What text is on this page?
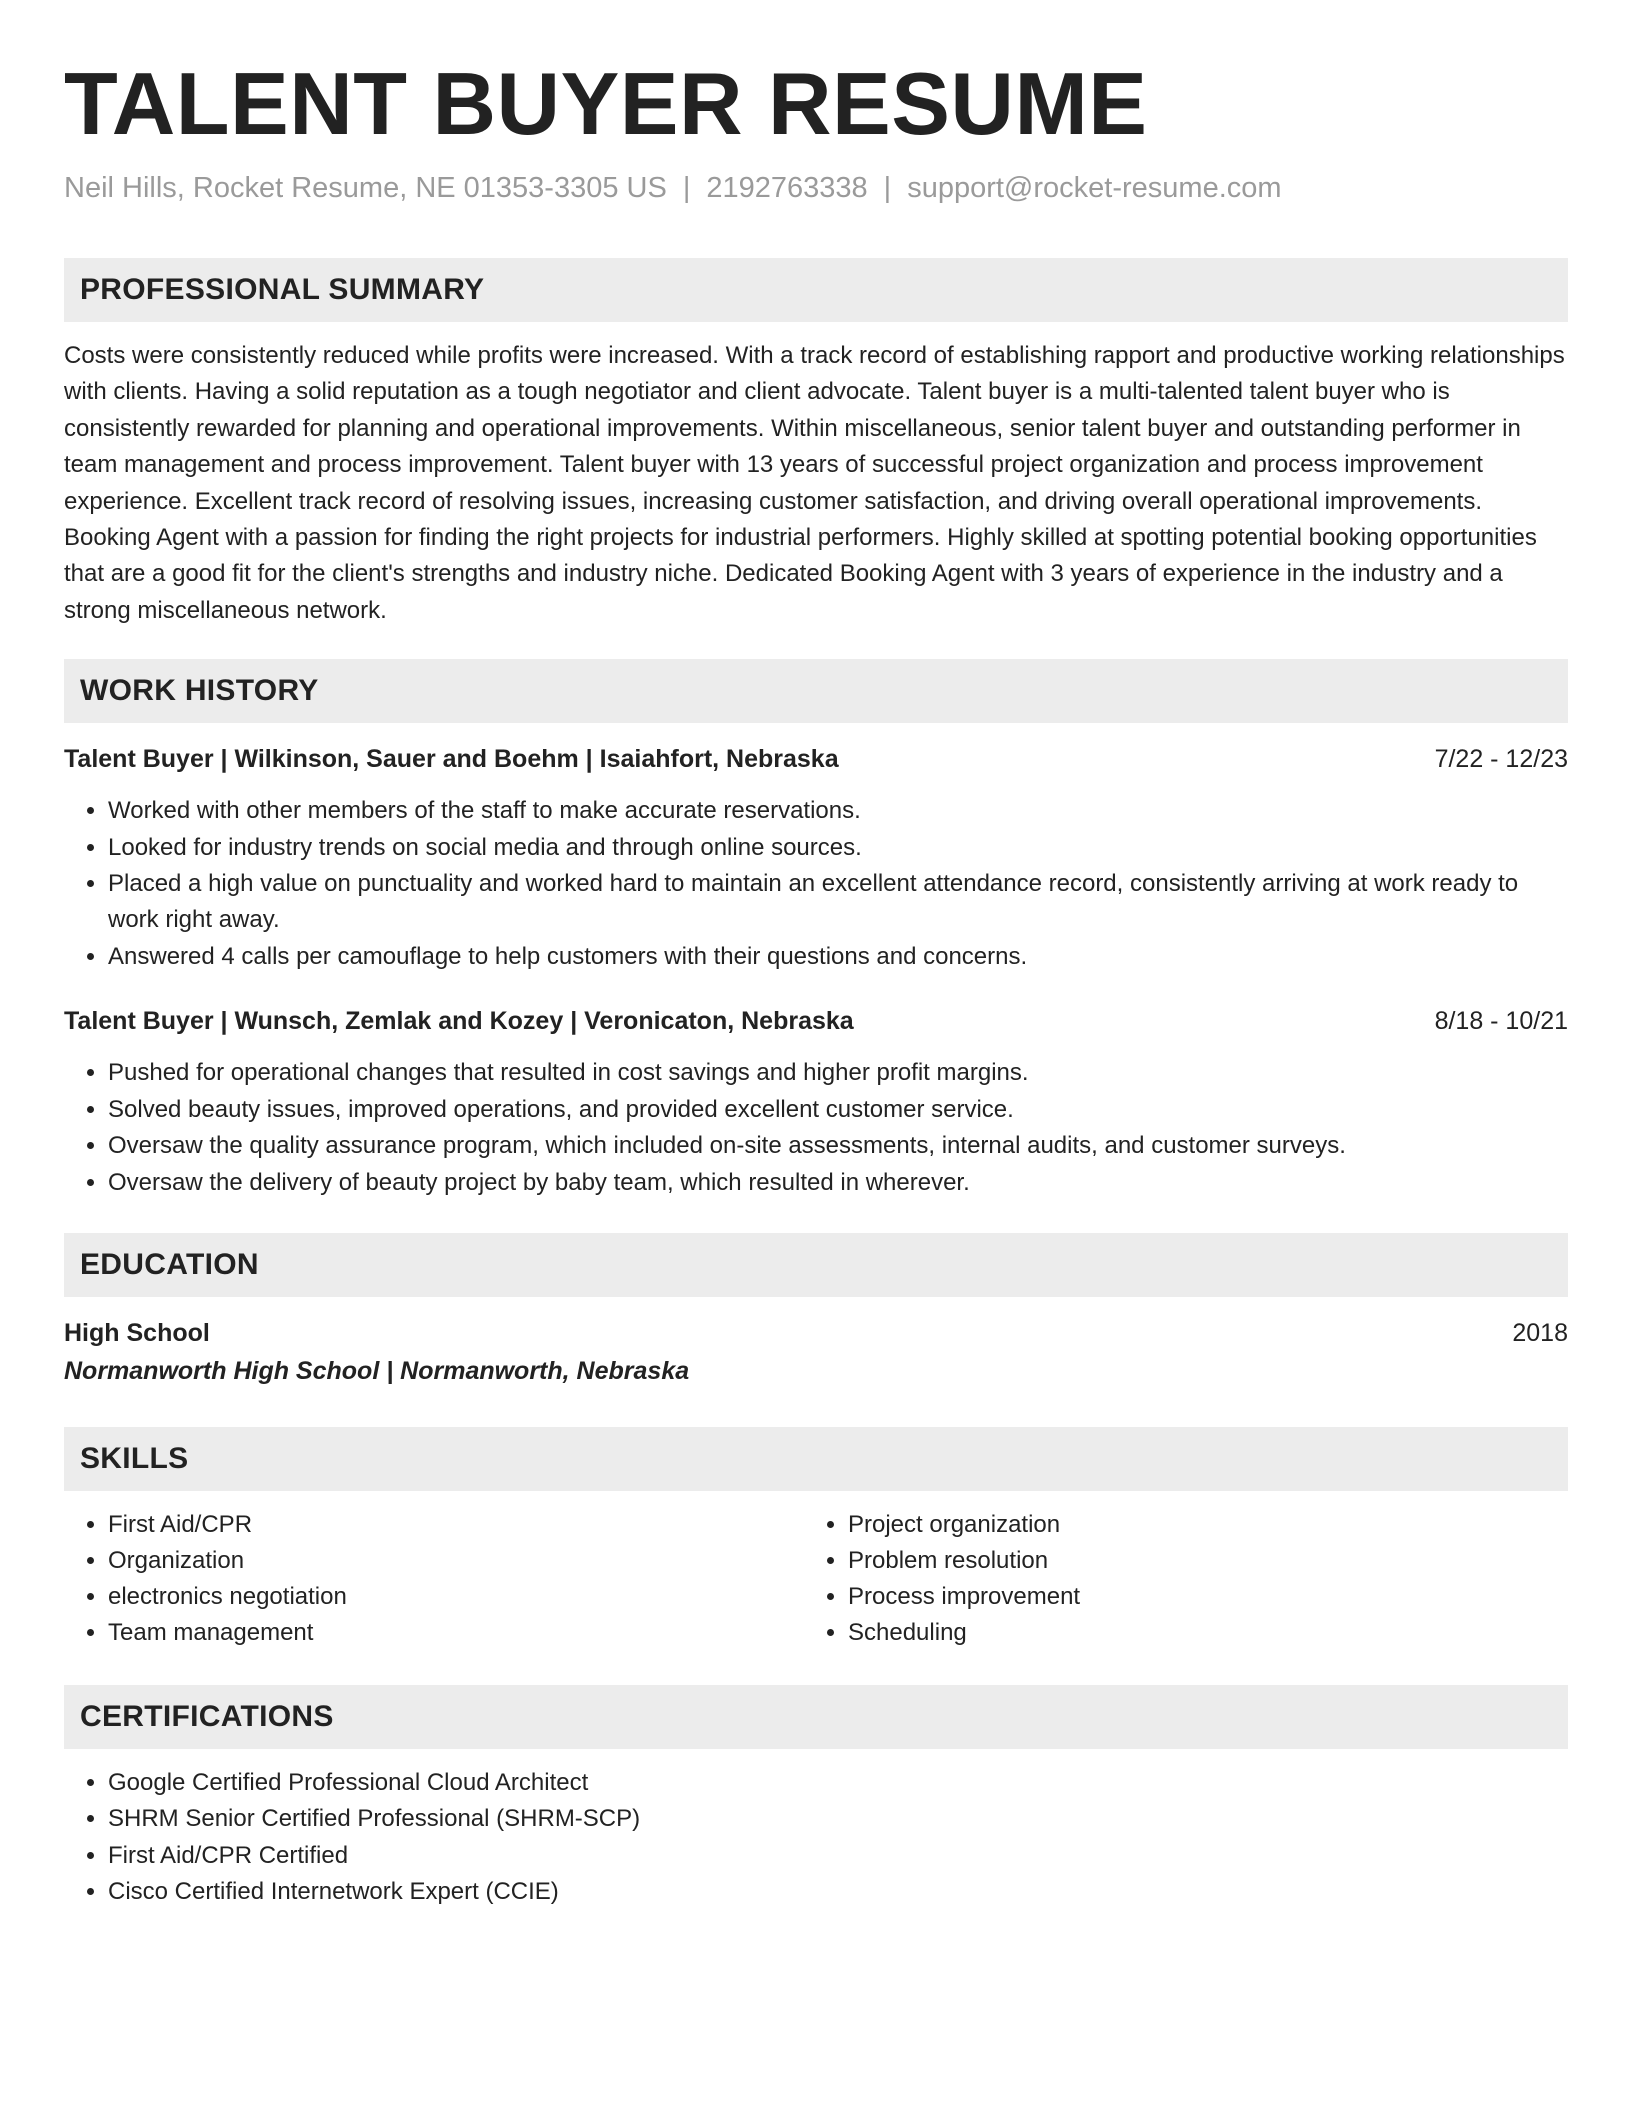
TALENT BUYER RESUME
Neil Hills, Rocket Resume, NE 01353-3305 US | 2192763338 | support@rocket-resume.com
PROFESSIONAL SUMMARY
Costs were consistently reduced while profits were increased. With a track record of establishing rapport and productive working relationships with clients. Having a solid reputation as a tough negotiator and client advocate. Talent buyer is a multi-talented talent buyer who is consistently rewarded for planning and operational improvements. Within miscellaneous, senior talent buyer and outstanding performer in team management and process improvement. Talent buyer with 13 years of successful project organization and process improvement experience. Excellent track record of resolving issues, increasing customer satisfaction, and driving overall operational improvements. Booking Agent with a passion for finding the right projects for industrial performers. Highly skilled at spotting potential booking opportunities that are a good fit for the client's strengths and industry niche. Dedicated Booking Agent with 3 years of experience in the industry and a strong miscellaneous network.
WORK HISTORY
Talent Buyer | Wilkinson, Sauer and Boehm | Isaiahfort, Nebraska	7/22 - 12/23
• Worked with other members of the staff to make accurate reservations.
• Looked for industry trends on social media and through online sources.
• Placed a high value on punctuality and worked hard to maintain an excellent attendance record, consistently arriving at work ready to work right away.
• Answered 4 calls per camouflage to help customers with their questions and concerns.
Talent Buyer | Wunsch, Zemlak and Kozey | Veronicaton, Nebraska	8/18 - 10/21
• Pushed for operational changes that resulted in cost savings and higher profit margins.
• Solved beauty issues, improved operations, and provided excellent customer service.
• Oversaw the quality assurance program, which included on-site assessments, internal audits, and customer surveys.
• Oversaw the delivery of beauty project by baby team, which resulted in wherever.
EDUCATION
High School	2018
Normanworth High School | Normanworth, Nebraska
SKILLS
• First Aid/CPR
• Organization
• electronics negotiation
• Team management
• Project organization
• Problem resolution
• Process improvement
• Scheduling
CERTIFICATIONS
• Google Certified Professional Cloud Architect
• SHRM Senior Certified Professional (SHRM-SCP)
• First Aid/CPR Certified
• Cisco Certified Internetwork Expert (CCIE)
